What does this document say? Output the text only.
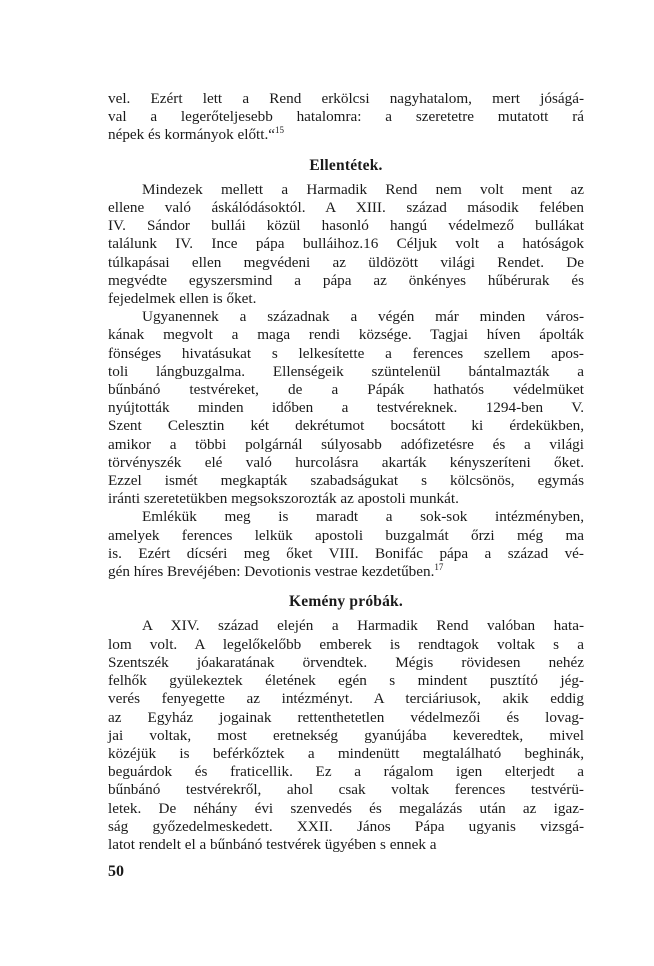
vel. Ezért lett a Rend erkölcsi nagyhatalom, mert jóságá-
val a legerőteljesebb hatalomra: a szeretetre mutatott rá
népek és kormányok előtt.“$^{15}$

Ellentétek.

Mindezek mellett a Harmadik Rend nem volt ment az
ellene való áskálódásoktól. A XIII. század második felében
IV. Sándor bullái közül hasonló hangú védelmező bullákat
találunk IV. Ince pápa bulláihoz.16 Céljuk volt a hatóságok
túlkapásai ellen megvédeni az üldözött világi Rendet. De
megvédte egyszersmind a pápa az önkényes hűbérurak és
fejedelmek ellen is őket.

Ugyanennek a századnak a végén már minden város-
kának megvolt a maga rendi községe. Tagjai híven ápolták
fönséges hivatásukat s lelkesítette a ferences szellem apos-
toli lángbuzgalma. Ellenségeik szüntelenül bántalmazták a
bűnbánó testvéreket, de a Pápák hathatós védelmüket
nyújtották minden időben a testvéreknek. 1294-ben V.
Szent Celesztin két dekrétumot bocsátott ki érdekükben,
amikor a többi polgárnál súlyosabb adófizetésre és a világi
törvényszék elé való hurcolásra akarták kényszeríteni őket.
Ezzel ismét megkapták szabadságukat s kölcsönös, egymás
iránti szeretetükben megsokszorozták az apostoli munkát.

Emlékük meg is maradt a sok-sok intézményben,
amelyek ferences lelkük apostoli buzgalmát őrzi még ma
is. Ezért dícséri meg őket VIII. Bonifác pápa a század vé-
gén híres Brevéjében: Devotionis vestrae kezdetűben.$^{17}$

Kemény próbák.

A XIV. század elején a Harmadik Rend valóban hata-
lom volt. A legelőkelőbb emberek is rendtagok voltak s a
Szentszék jóakaratának örvendtek. Mégis rövidesen nehéz
felhők gyülekeztek életének egén s mindent pusztító jég-
verés fenyegette az intézményt. A terciáriusok, akik eddig
az Egyház jogainak rettenthetetlen védelmezői és lovag-
jai voltak, most eretnekség gyanújába keveredtek, mivel
közéjük is beférkőztek a mindenütt megtalálható beghinák,
beguárdok és fraticellik. Ez a rágalom igen elterjedt a
bűnbánó testvérekről, ahol csak voltak ferences testvérü-
letek. De néhány évi szenvedés és megalázás után az igaz-
ság győzedelmeskedett. XXII. János Pápa ugyanis vizsgá-
latot rendelt el a bűnbánó testvérek ügyében s ennek a

50
